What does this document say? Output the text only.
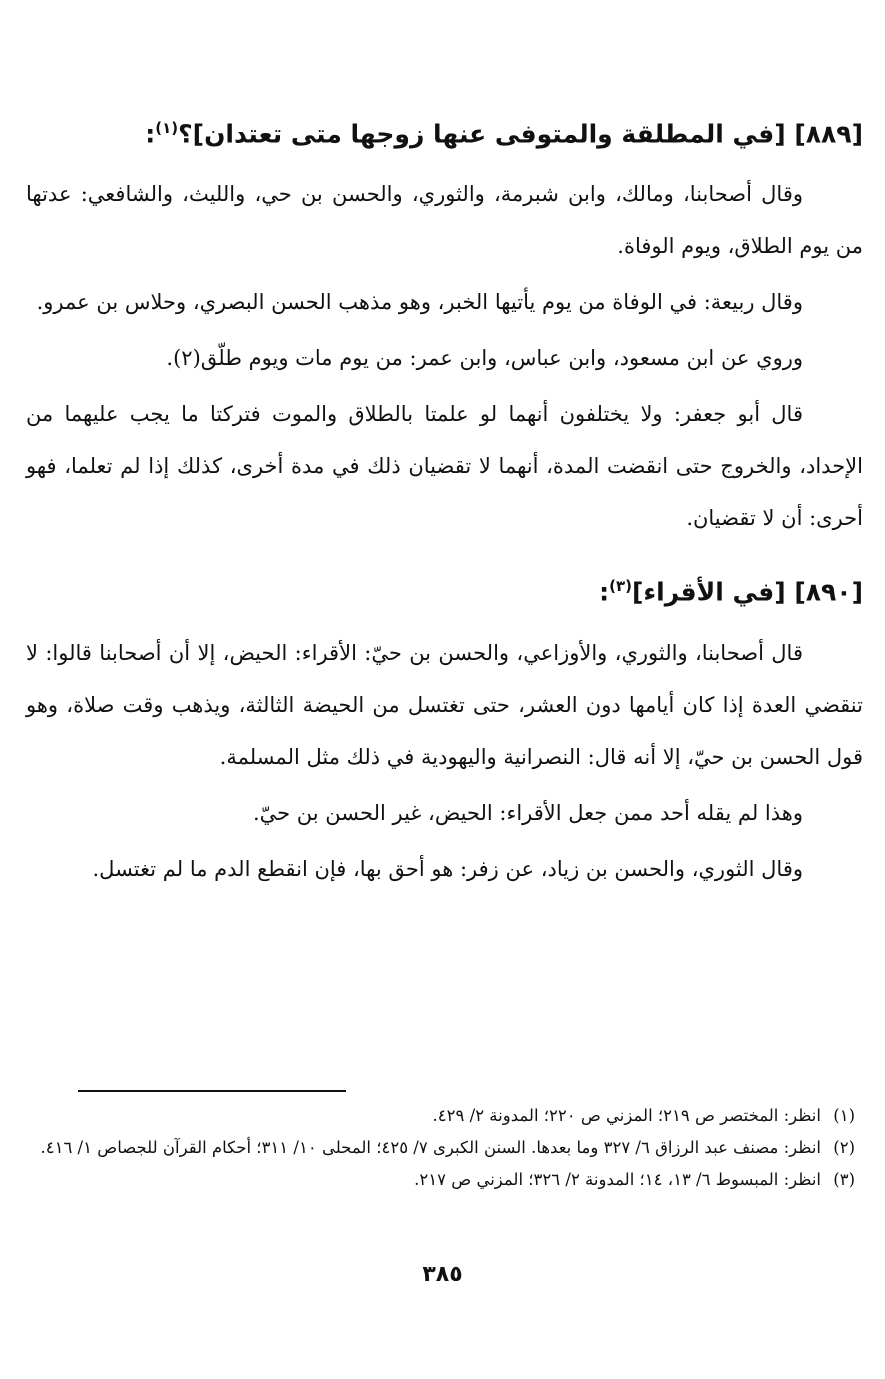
[٨٨٩] [في المطلقة والمتوفى عنها زوجها متى تعتدان]؟$^{(١)}$:

وقال أصحابنا، ومالك، وابن شبرمة، والثوري، والحسن بن حي، والليث، والشافعي: عدتها من يوم الطلاق، ويوم الوفاة.

وقال ربيعة: في الوفاة من يوم يأتيها الخبر، وهو مذهب الحسن البصري، وحلاس بن عمرو.

وروي عن ابن مسعود، وابن عباس، وابن عمر: من يوم مات ويوم طلّق(٢).

قال أبو جعفر: ولا يختلفون أنهما لو علمتا بالطلاق والموت فتركتا ما يجب عليهما من الإحداد، والخروج حتى انقضت المدة، أنهما لا تقضيان ذلك في مدة أخرى، كذلك إذا لم تعلما، فهو أحرى: أن لا تقضيان.

[٨٩٠] [في الأقراء]$^{(٣)}$:

قال أصحابنا، والثوري، والأوزاعي، والحسن بن حيّ: الأقراء: الحيض، إلا أن أصحابنا قالوا: لا تنقضي العدة إذا كان أيامها دون العشر، حتى تغتسل من الحيضة الثالثة، ويذهب وقت صلاة، وهو قول الحسن بن حيّ، إلا أنه قال: النصرانية واليهودية في ذلك مثل المسلمة.

وهذا لم يقله أحد ممن جعل الأقراء: الحيض، غير الحسن بن حيّ.

وقال الثوري، والحسن بن زياد، عن زفر: هو أحق بها، فإن انقطع الدم ما لم تغتسل.

(١)
انظر: المختصر ص ٢١٩؛ المزني ص ٢٢٠؛ المدونة ٢/ ٤٢٩.

(٢)
انظر: مصنف عبد الرزاق ٦/ ٣٢٧ وما بعدها. السنن الكبرى ٧/ ٤٢٥؛ المحلى ١٠/ ٣١١؛ أحكام القرآن للجصاص ١/ ٤١٦.

(٣)
انظر: المبسوط ٦/ ١٣، ١٤؛ المدونة ٢/ ٣٢٦؛ المزني ص ٢١٧.

٣٨٥
